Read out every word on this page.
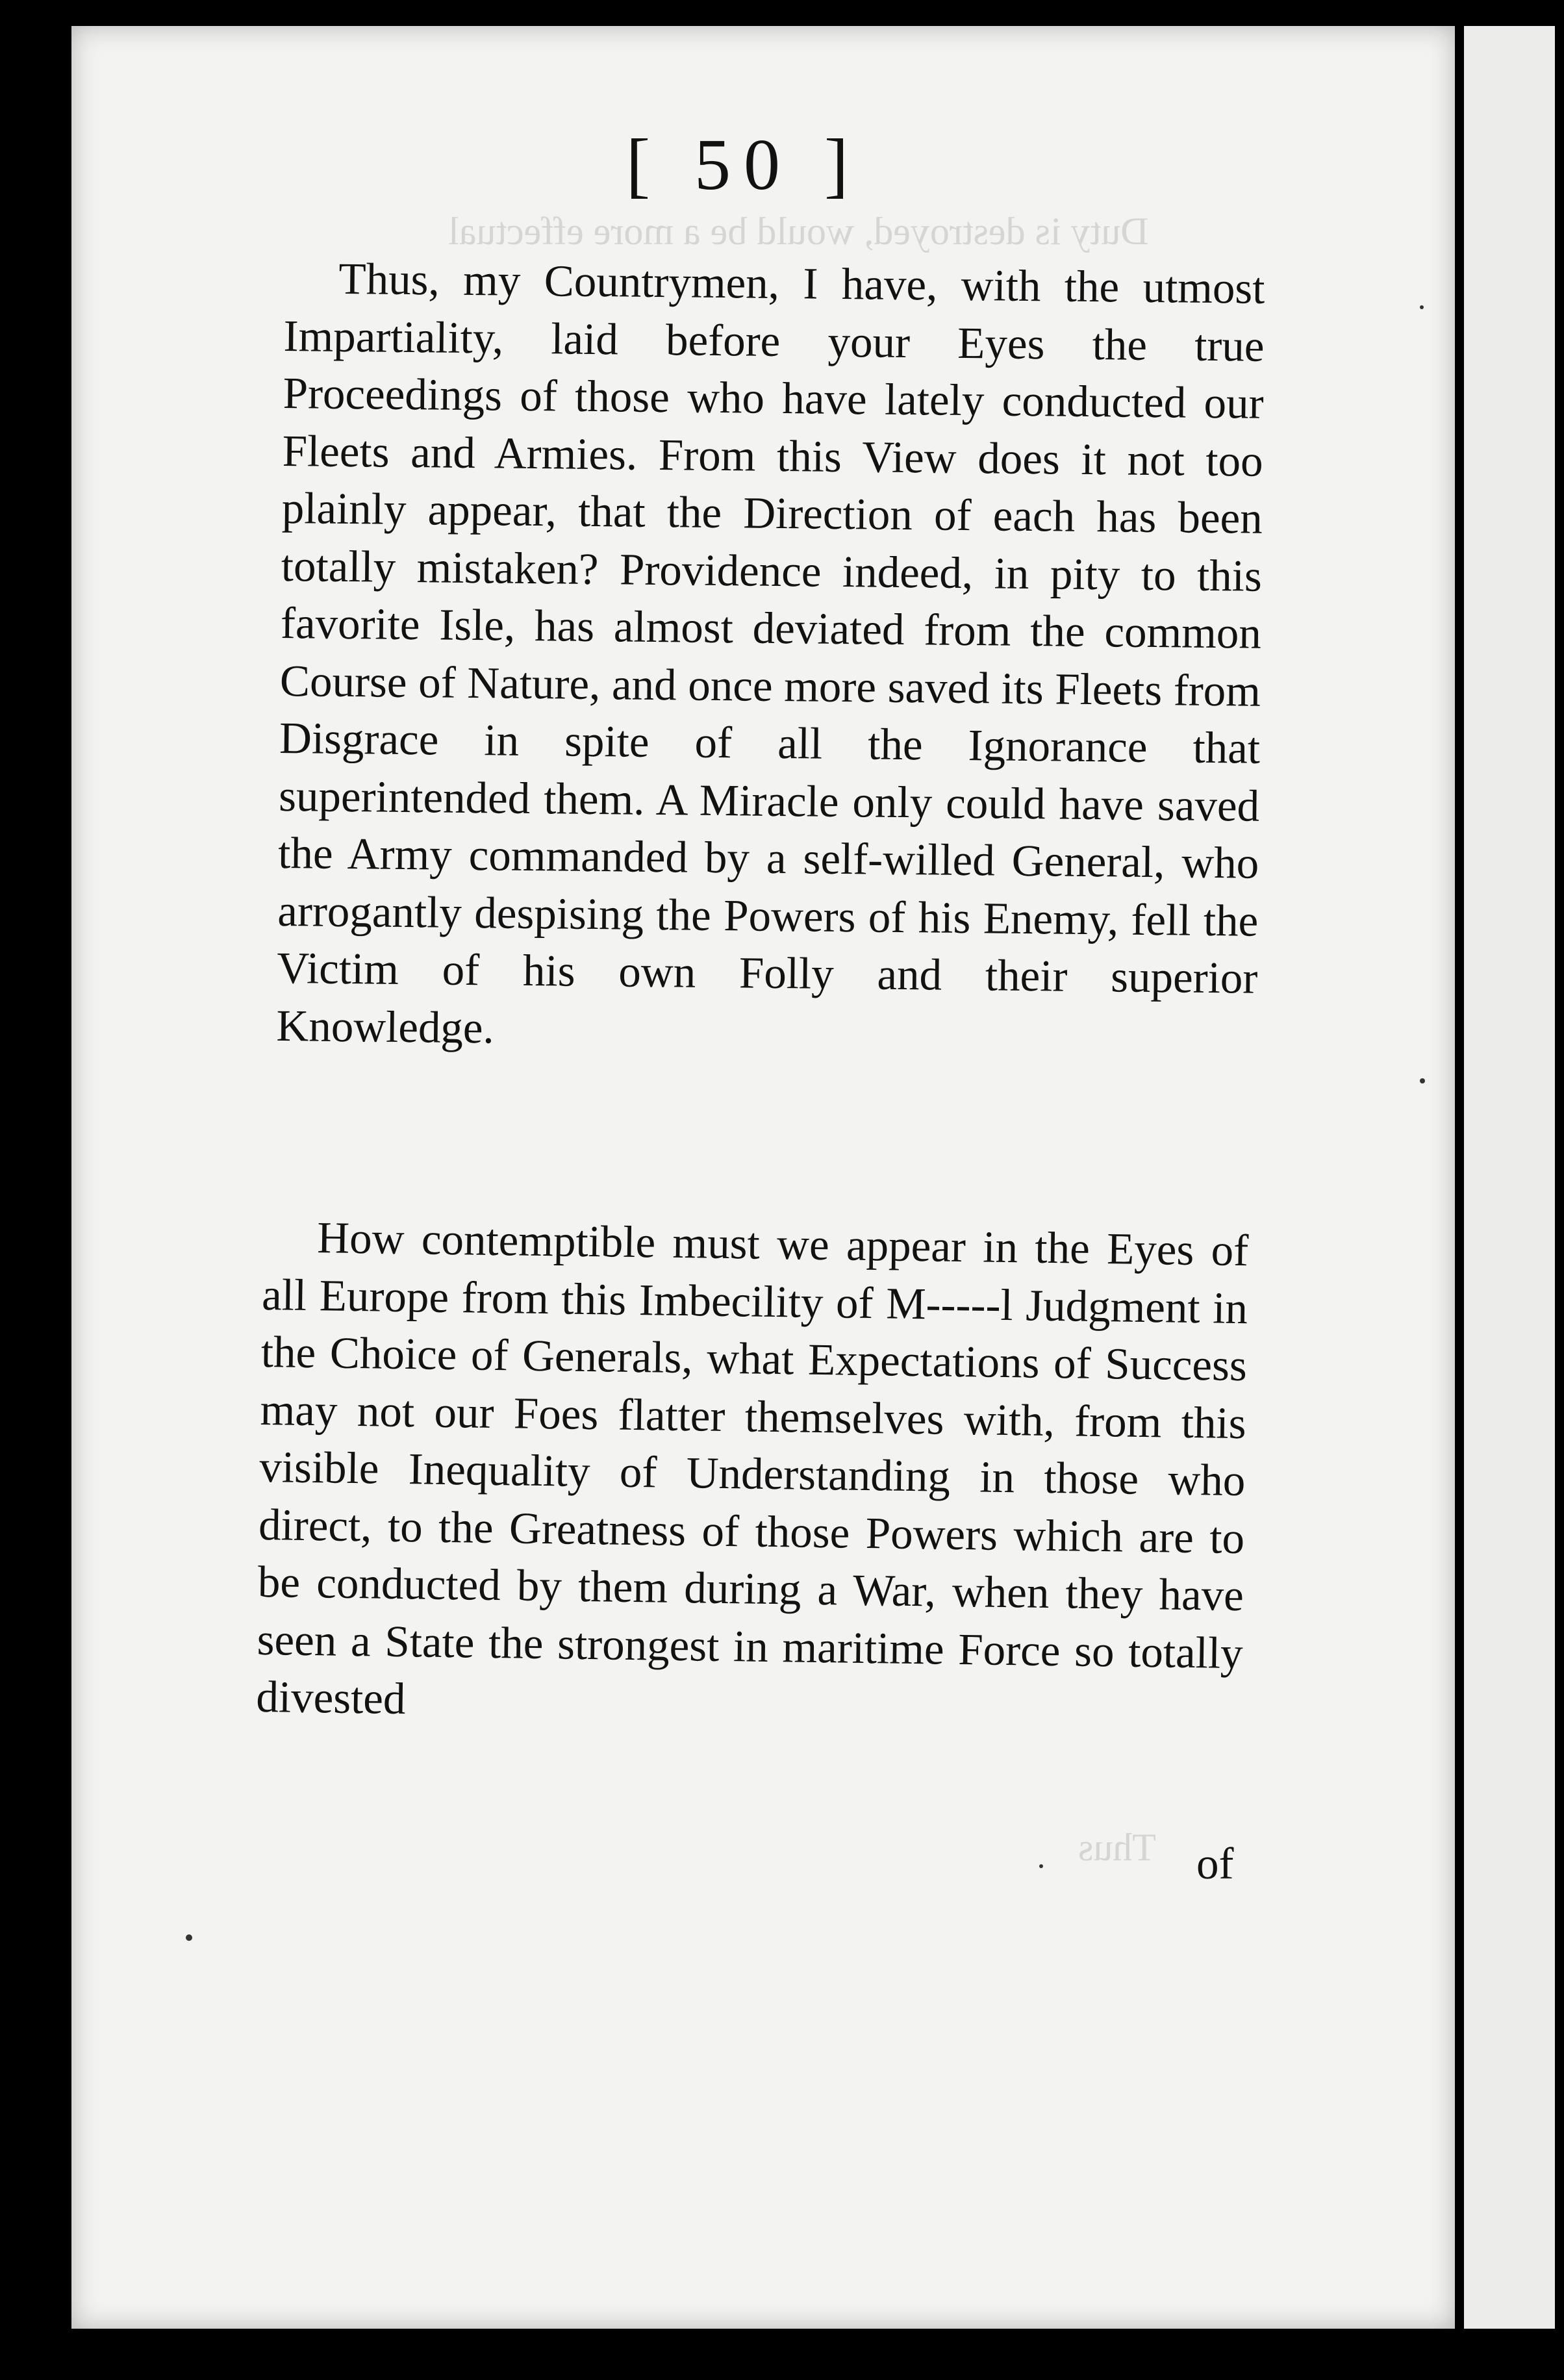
Duty is destroyed, would be a more effectual
[ 50 ]
Thus

Thus, my Countrymen, I have, with the utmost Impartiality, laid before your Eyes the true Proceedings of those who have lately conducted our Fleets and Armies. From this View does it not too plainly appear, that the Direction of each has been totally mistaken? Providence indeed, in pity to this favorite Isle, has almost deviated from the common Course of Nature, and once more saved its Fleets from Disgrace in spite of all the Ignorance that superintended them. A Miracle only could have saved the Army commanded by a self-willed General, who arrogantly despising the Powers of his Enemy, fell the Victim of his own Folly and their superior Knowledge.

How contemptible must we appear in the Eyes of all Europe from this Imbecility of M-----l Judgment in the Choice of Generals, what Expectations of Success may not our Foes flatter themselves with, from this visible Inequality of Understanding in those who direct, to the Greatness of those Powers which are to be conducted by them during a War, when they have seen a State the strongest in maritime Force so totally divested

of
